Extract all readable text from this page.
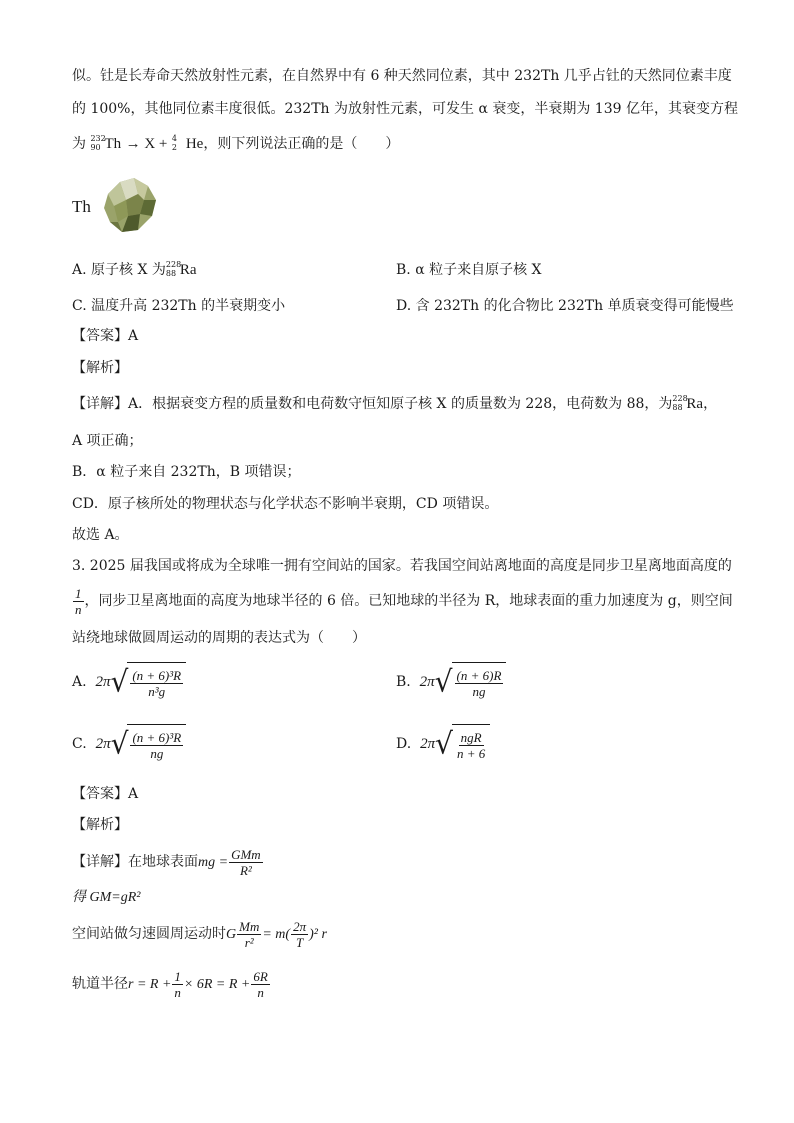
似。钍是长寿命天然放射性元素，在自然界中有 6 种天然同位素，其中 232Th 几乎占钍的天然同位素丰度
的 100%，其他同位素丰度很低。232Th 为放射性元素，可发生 α 衰变，半衰期为 139 亿年，其衰变方程
为 232
90 Th → X + 4
2 He，则下列说法正确的是（　　）
Th
A. 原子核 X 为 228
88 Ra	B. α 粒子来自原子核 X
C. 温度升高 232Th 的半衰期变小	D. 含 232Th 的化合物比 232Th 单质衰变得可能慢些
【答案】A
【解析】
【详解】A．根据衰变方程的质量数和电荷数守恒知原子核 X 的质量数为 228，电荷数为 88，为 228
88 Ra，
A 项正确；
B．α 粒子来自 232Th，B 项错误；
CD．原子核所处的物理状态与化学状态不影响半衰期，CD 项错误。
故选 A。
3. 2025 届我国或将成为全球唯一拥有空间站的国家。若我国空间站离地面的高度是同步卫星离地面高度的
$\frac{1}{n}$ ，同步卫星离地面的高度为地球半径的 6 倍。已知地球的半径为 R，地球表面的重力加速度为 g，则空间
站绕地球做圆周运动的周期的表达式为（　　）
A. 2π √ $\frac{\text{(n + 6)³R}}{\text{n³g}}$	B. 2π √ $\frac{(n + 6)R}{ng}$
C. 2π √ $\frac{\text{(n + 6)³R}}{ng}$	D. 2π √ $\frac{\text{ngR}}{n + 6}$
【答案】A
【解析】
【详解】在地球表面mg = $\frac{\text{GMm}}{\text{R²}}$
得 GM=gR²
空间站做匀速圆周运动时G $\frac{Mm}{\text{r²}} = m( \frac{2\pi}{T} )^2$ r
轨道半径$r = R + \frac{1}{n} \times 6R = R + \frac{6R}{n}$
